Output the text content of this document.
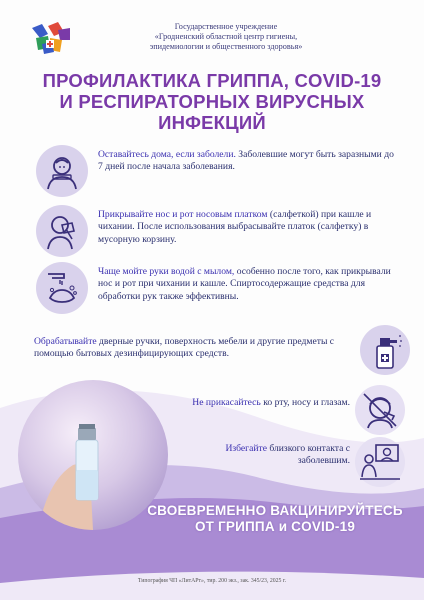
Государственное учреждение
«Гродненский областной центр гигиены,
эпидемиологии и общественного здоровья»
ПРОФИЛАКТИКА ГРИППА, COVID-19
И РЕСПИРАТОРНЫХ ВИРУСНЫХ
ИНФЕКЦИЙ
Оставайтесь дома, если заболели. Заболевшие могут быть заразными до 7 дней после начала заболевания.
Прикрывайте нос и рот носовым платком (салфеткой) при кашле и чихании. После использования выбрасывайте платок (салфетку) в мусорную корзину.
Чаще мойте руки водой с мылом, особенно после того, как прикрывали нос и рот при чихании и кашле. Спиртосодержащие средства для обработки рук также эффективны.
Обрабатывайте дверные ручки, поверхность мебели и другие предметы с помощью бытовых дезинфицирующих средств.
Не прикасайтесь ко рту, носу и глазам.
Избегайте близкого контакта с заболевшим.
СВОЕВРЕМЕННО ВАКЦИНИРУЙТЕСЬ
ОТ ГРИППА и COVID-19
Типография ЧП «ЛитАРт», тир. 200 экз., зак. 345/23, 2025 г.
